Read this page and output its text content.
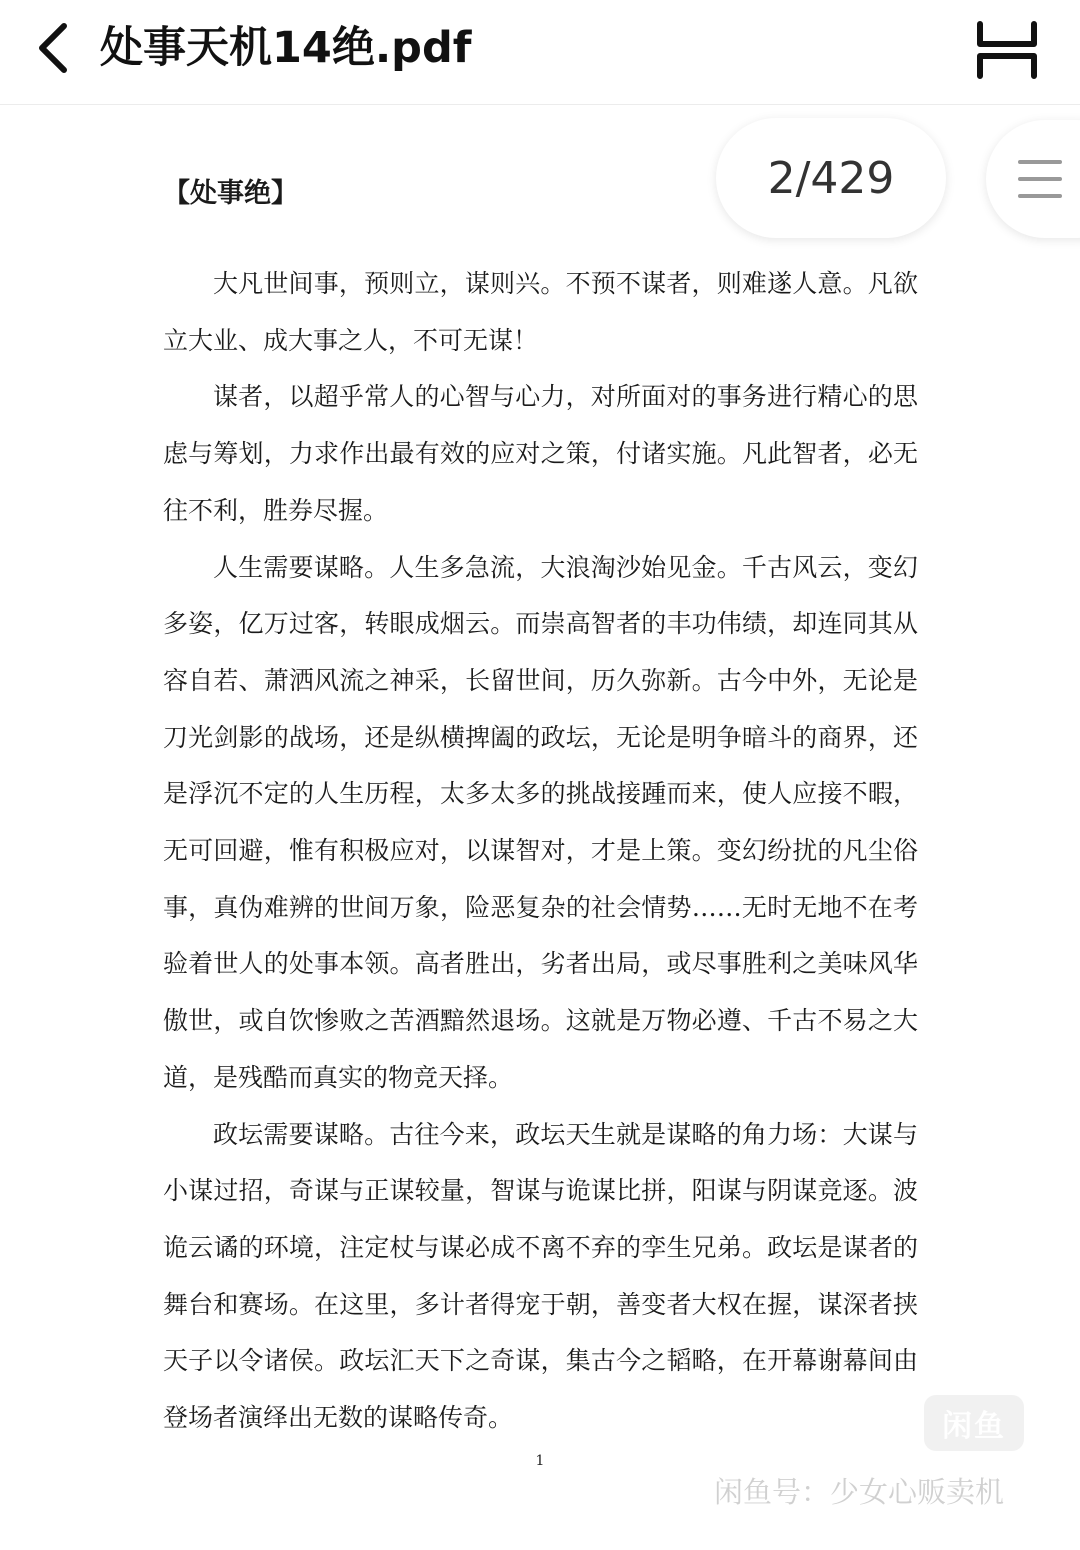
处事天机14绝.pdf
【处事绝】

大凡世间事，预则立，谋则兴。不预不谋者，则难遂人意。凡欲立大业、成大事之人，不可无谋！

谋者，以超乎常人的心智与心力，对所面对的事务进行精心的思虑与筹划，力求作出最有效的应对之策，付诸实施。凡此智者，必无往不利，胜券尽握。

人生需要谋略。人生多急流，大浪淘沙始见金。千古风云，变幻多姿，亿万过客，转眼成烟云。而崇高智者的丰功伟绩，却连同其从容自若、萧洒风流之神采，长留世间，历久弥新。古今中外，无论是刀光剑影的战场，还是纵横捭阖的政坛，无论是明争暗斗的商界，还是浮沉不定的人生历程，太多太多的挑战接踵而来，使人应接不暇，无可回避，惟有积极应对，以谋智对，才是上策。变幻纷扰的凡尘俗事，真伪难辨的世间万象，险恶复杂的社会情势……无时无地不在考验着世人的处事本领。高者胜出，劣者出局，或尽事胜利之美味风华傲世，或自饮惨败之苦酒黯然退场。这就是万物必遵、千古不易之大道，是残酷而真实的物竞天择。

政坛需要谋略。古往今来，政坛天生就是谋略的角力场：大谋与小谋过招，奇谋与正谋较量，智谋与诡谋比拼，阳谋与阴谋竞逐。波诡云谲的环境，注定杖与谋必成不离不弃的孪生兄弟。政坛是谋者的舞台和赛场。在这里，多计者得宠于朝，善变者大权在握，谋深者挟天子以令诸侯。政坛汇天下之奇谋，集古今之韬略，在开幕谢幕间由登场者演绎出无数的谋略传奇。

1
2/429
闲鱼
闲鱼号：少女心贩卖机
